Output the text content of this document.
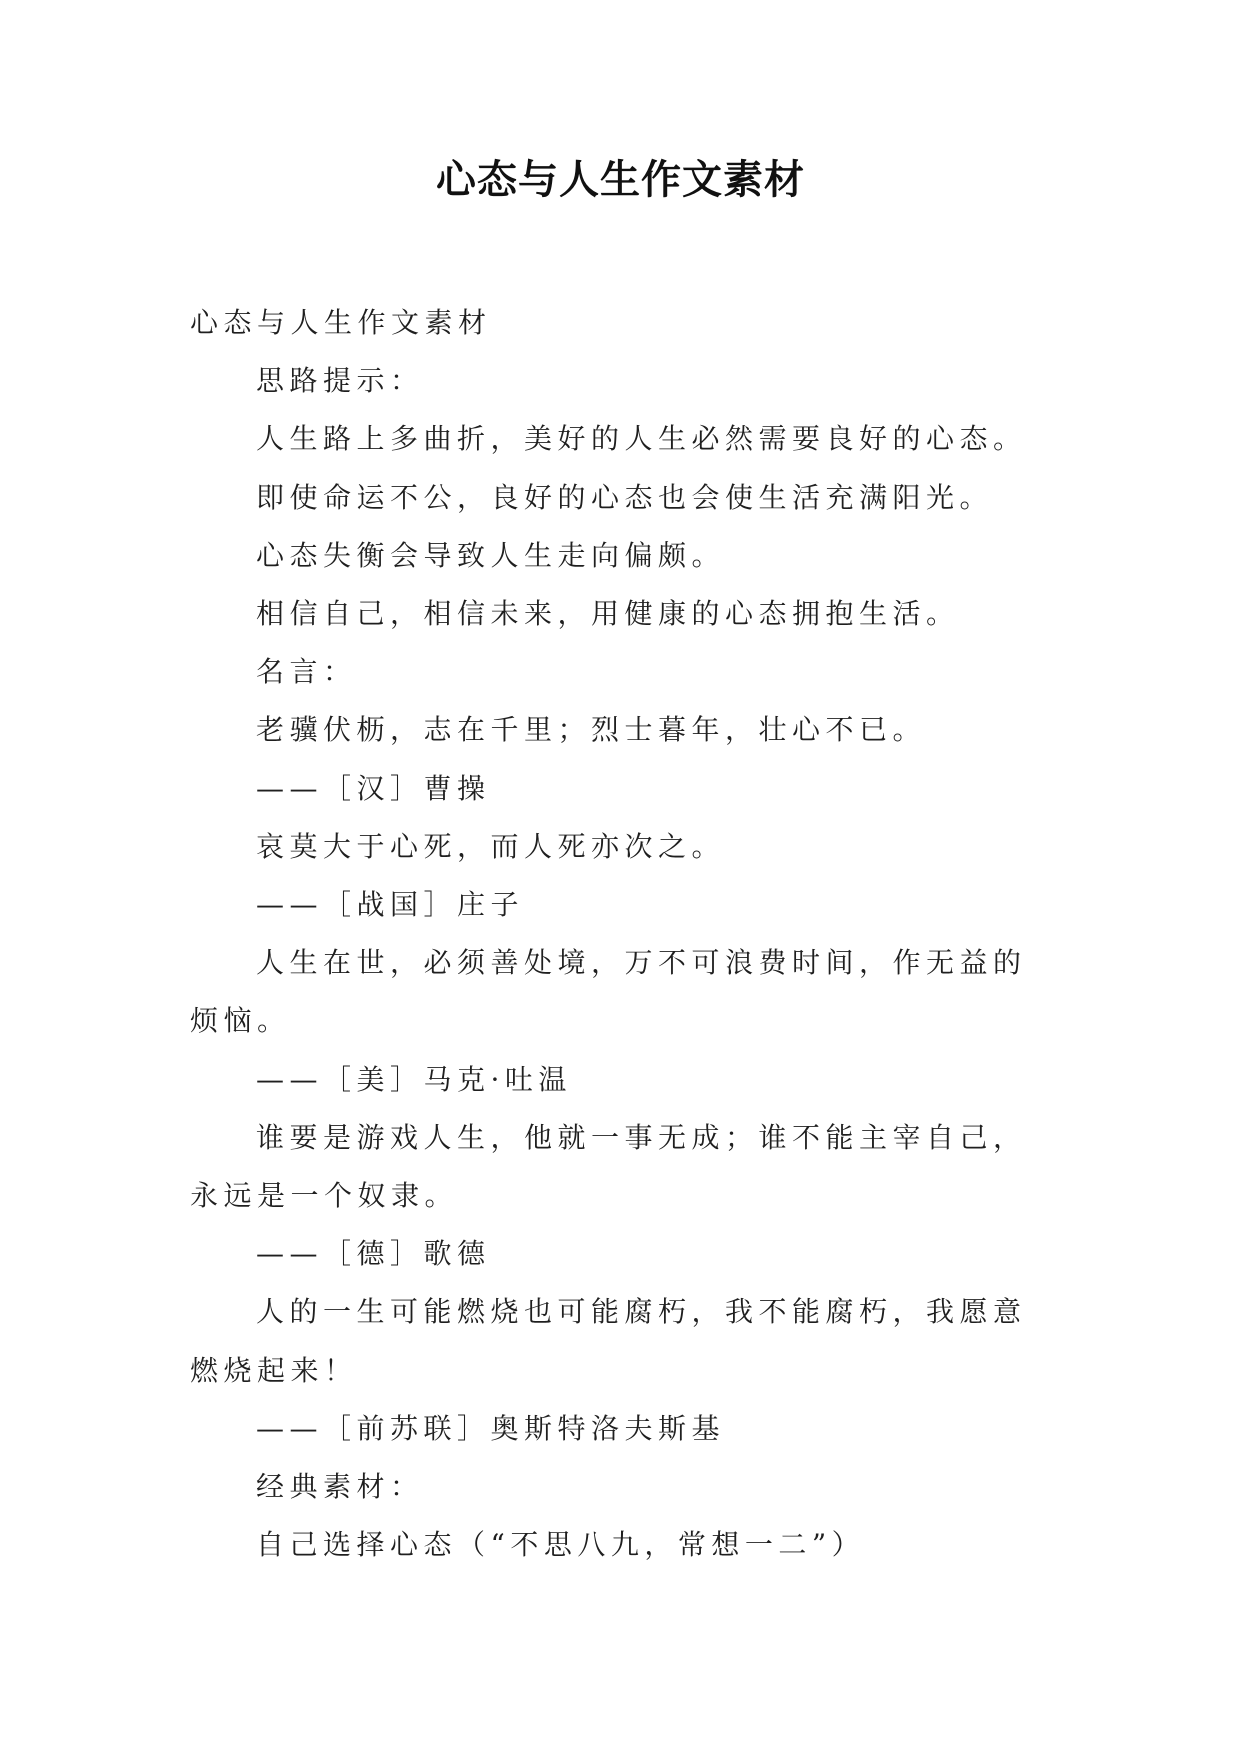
心态与人生作文素材

心态与人生作文素材

思路提示：

人生路上多曲折，美好的人生必然需要良好的心态。

即使命运不公，良好的心态也会使生活充满阳光。

心态失衡会导致人生走向偏颇。

相信自己，相信未来，用健康的心态拥抱生活。

名言：

老骥伏枥，志在千里；烈士暮年，壮心不已。

——［汉］曹操

哀莫大于心死，而人死亦次之。

——［战国］庄子

人生在世，必须善处境，万不可浪费时间，作无益的烦恼。

——［美］马克·吐温

谁要是游戏人生，他就一事无成；谁不能主宰自己，永远是一个奴隶。

——［德］歌德

人的一生可能燃烧也可能腐朽，我不能腐朽，我愿意燃烧起来！

——［前苏联］奥斯特洛夫斯基

经典素材：

自己选择心态（“不思八九，常想一二”）
